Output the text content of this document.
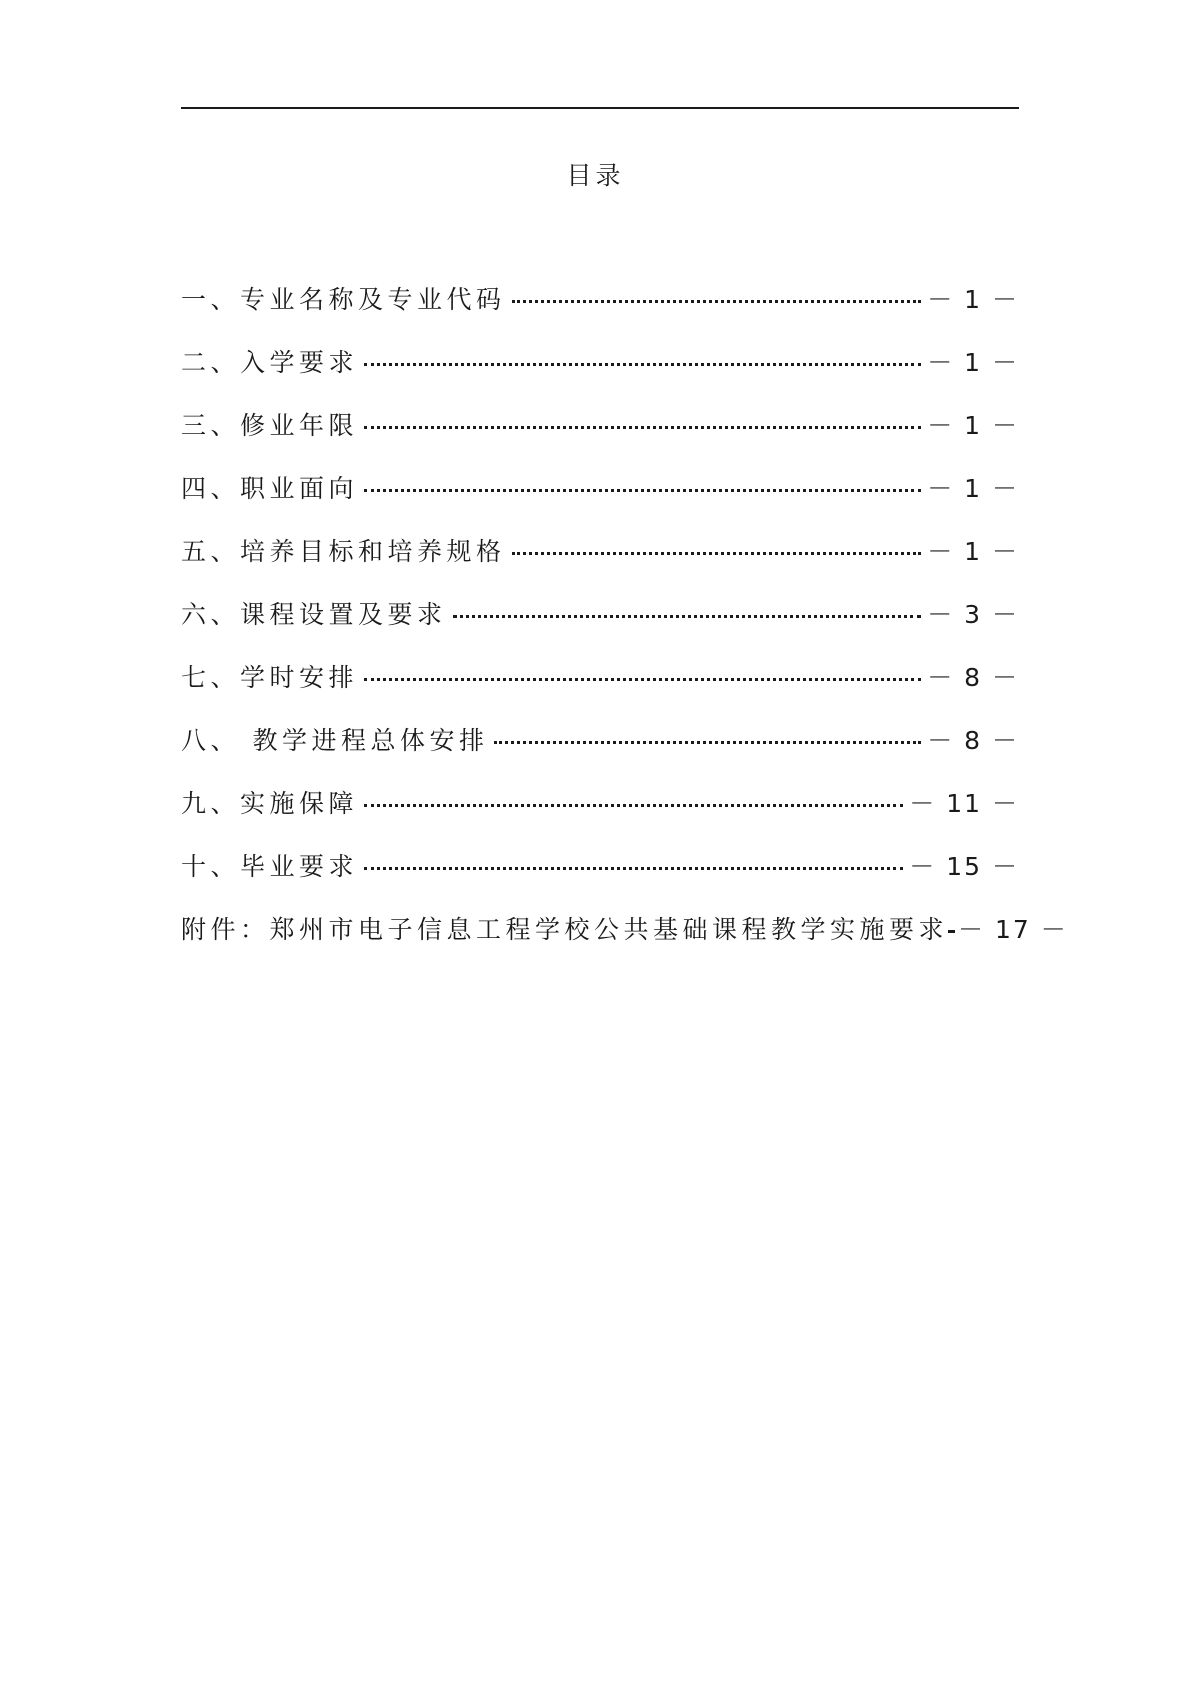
目录
一、专业名称及专业代码	－ 1 －
二、入学要求	－ 1 －
三、修业年限	－ 1 －
四、职业面向	－ 1 －
五、培养目标和培养规格	－ 1 －
六、课程设置及要求	－ 3 －
七、学时安排	－ 8 －
八、 教学进程总体安排	－ 8 －
九、实施保障	－ 11 －
十、毕业要求	－ 15 －
附件：郑州市电子信息工程学校公共基础课程教学实施要求 － 17 －
